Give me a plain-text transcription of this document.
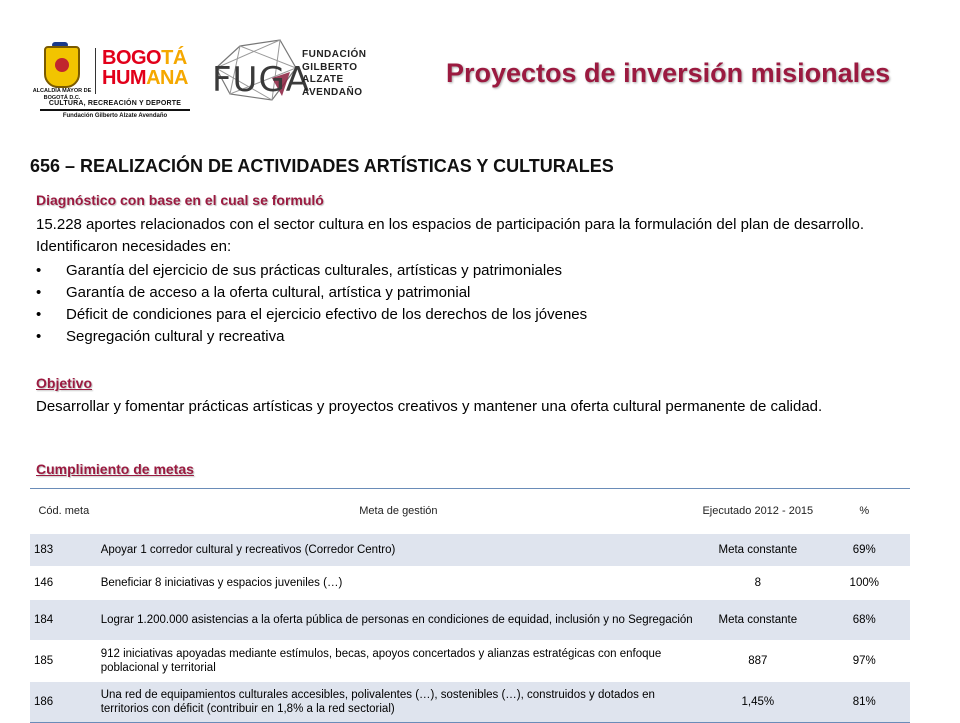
ALCALDÍA MAYOR DE BOGOTÁ D.C.
BOGOTÁ
HUMANA
CULTURA, RECREACIÓN Y DEPORTE
Fundación Gilberto Alzate Avendaño
FUGA
FUNDACIÓN
GILBERTO
ALZATE
AVENDAÑO
Proyectos de inversión misionales
656 – REALIZACIÓN DE ACTIVIDADES ARTÍSTICAS Y CULTURALES
Diagnóstico con base en el cual se formuló
15.228 aportes relacionados con el sector cultura en los espacios de participación para la formulación del plan de desarrollo. Identificaron necesidades en:
• Garantía del ejercicio de sus prácticas culturales, artísticas y patrimoniales
• Garantía de acceso a la oferta cultural, artística y patrimonial
• Déficit de condiciones para el ejercicio efectivo de los derechos de los jóvenes
• Segregación cultural y recreativa
Objetivo
Desarrollar y fomentar prácticas artísticas y proyectos creativos y mantener una oferta cultural permanente de calidad.
Cumplimiento de metas
Cód. meta	Meta de gestión	Ejecutado 2012 - 2015	%
183	Apoyar 1 corredor cultural y recreativos (Corredor Centro)	Meta constante	69%
146	Beneficiar 8 iniciativas y espacios juveniles (…)	8	100%
184	Lograr 1.200.000 asistencias a la oferta pública de personas en condiciones de equidad, inclusión y no Segregación	Meta constante	68%
185	912 iniciativas apoyadas mediante estímulos, becas, apoyos concertados y alianzas estratégicas con enfoque poblacional y territorial	887	97%
186	Una red de equipamientos culturales accesibles, polivalentes (…), sostenibles (…), construidos y dotados en territorios con déficit (contribuir en 1,8% a la red sectorial)	1,45%	81%
